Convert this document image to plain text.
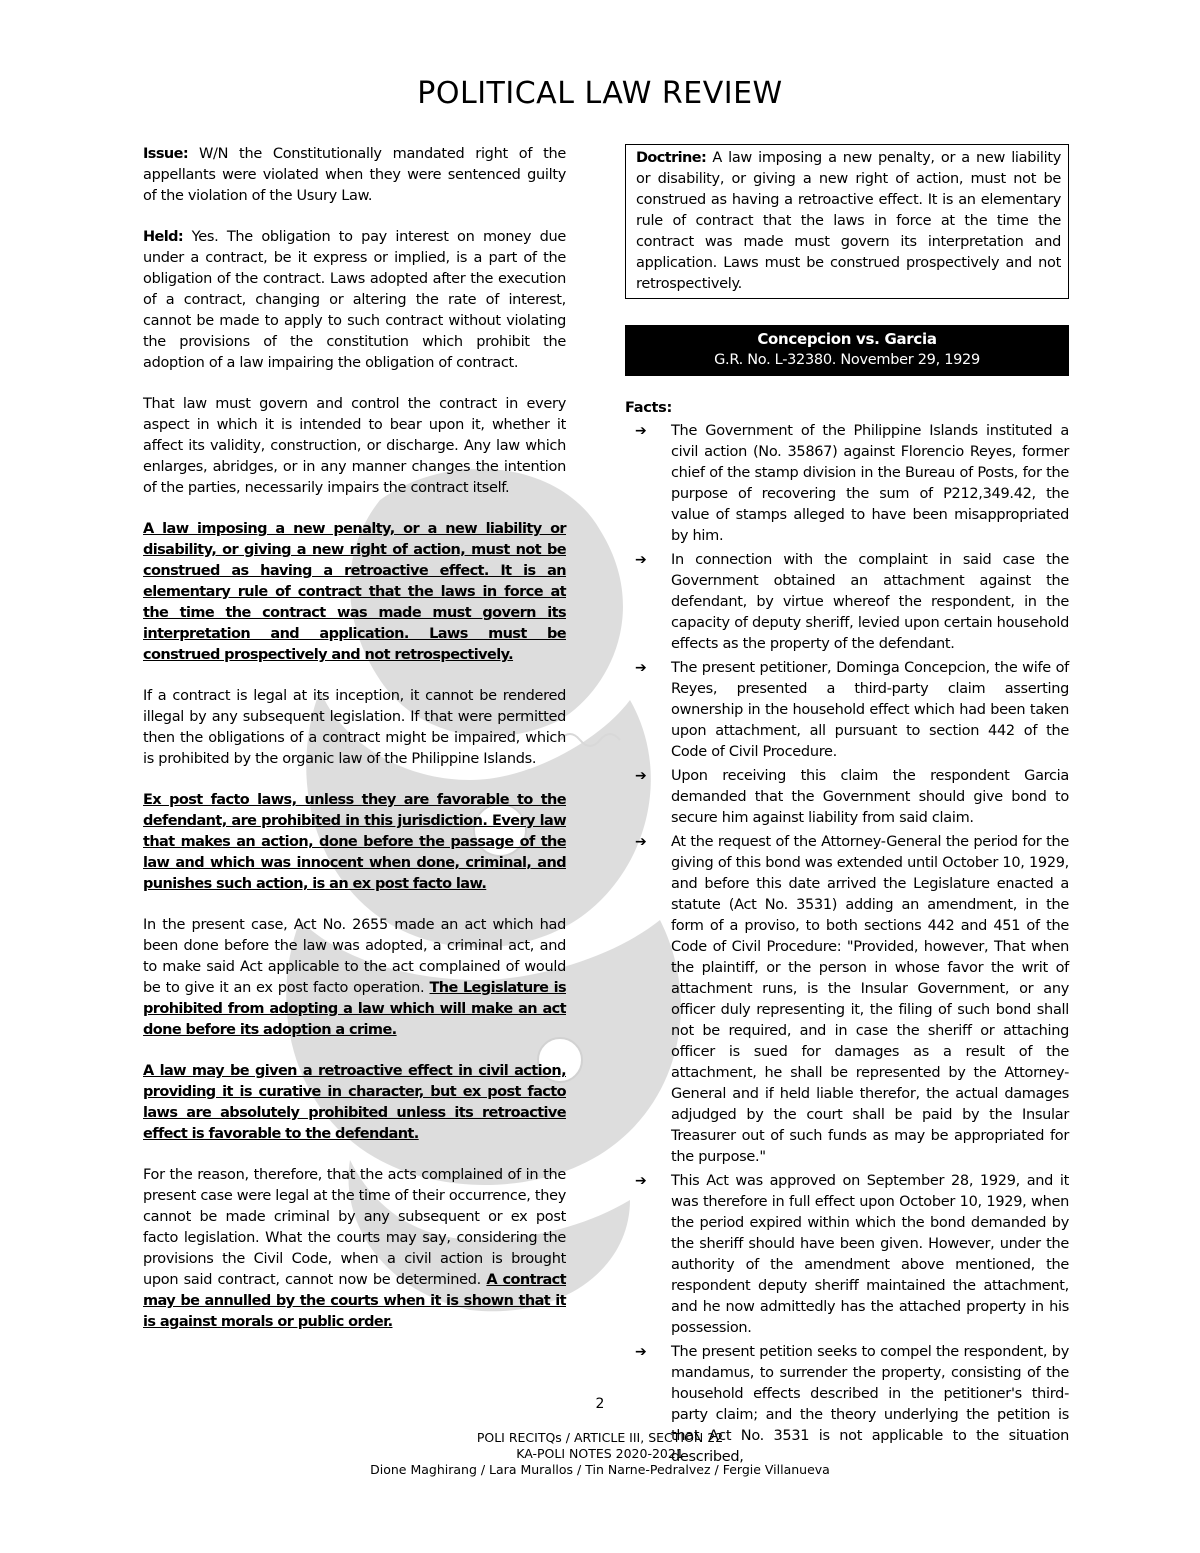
POLITICAL LAW REVIEW

Issue: W/N the Constitutionally mandated right of the appellants were violated when they were sentenced guilty of the violation of the Usury Law.

Held: Yes. The obligation to pay interest on money due under a contract, be it express or implied, is a part of the obligation of the contract. Laws adopted after the execution of a contract, changing or altering the rate of interest, cannot be made to apply to such contract without violating the provisions of the constitution which prohibit the adoption of a law impairing the obligation of contract.

That law must govern and control the contract in every aspect in which it is intended to bear upon it, whether it affect its validity, construction, or discharge. Any law which enlarges, abridges, or in any manner changes the intention of the parties, necessarily impairs the contract itself.

A law imposing a new penalty, or a new liability or disability, or giving a new right of action, must not be construed as having a retroactive effect. It is an elementary rule of contract that the laws in force at the time the contract was made must govern its interpretation and application. Laws must be construed prospectively and not retrospectively.

If a contract is legal at its inception, it cannot be rendered illegal by any subsequent legislation. If that were permitted then the obligations of a contract might be impaired, which is prohibited by the organic law of the Philippine Islands.

Ex post facto laws, unless they are favorable to the defendant, are prohibited in this jurisdiction. Every law that makes an action, done before the passage of the law and which was innocent when done, criminal, and punishes such action, is an ex post facto law.

In the present case, Act No. 2655 made an act which had been done before the law was adopted, a criminal act, and to make said Act applicable to the act complained of would be to give it an ex post facto operation. The Legislature is prohibited from adopting a law which will make an act done before its adoption a crime.

A law may be given a retroactive effect in civil action, providing it is curative in character, but ex post facto laws are absolutely prohibited unless its retroactive effect is favorable to the defendant.

For the reason, therefore, that the acts complained of in the present case were legal at the time of their occurrence, they cannot be made criminal by any subsequent or ex post facto legislation. What the courts may say, considering the provisions the Civil Code, when a civil action is brought upon said contract, cannot now be determined. A contract may be annulled by the courts when it is shown that it is against morals or public order.

Doctrine: A law imposing a new penalty, or a new liability or disability, or giving a new right of action, must not be construed as having a retroactive effect. It is an elementary rule of contract that the laws in force at the time the contract was made must govern its interpretation and application. Laws must be construed prospectively and not retrospectively.
Concepcion vs. Garcia
G.R. No. L-32380. November 29, 1929
Facts:
➔ The Government of the Philippine Islands instituted a civil action (No. 35867) against Florencio Reyes, former chief of the stamp division in the Bureau of Posts, for the purpose of recovering the sum of P212,349.42, the value of stamps alleged to have been misappropriated by him.
➔ In connection with the complaint in said case the Government obtained an attachment against the defendant, by virtue whereof the respondent, in the capacity of deputy sheriff, levied upon certain household effects as the property of the defendant.
➔ The present petitioner, Dominga Concepcion, the wife of Reyes, presented a third-party claim asserting ownership in the household effect which had been taken upon attachment, all pursuant to section 442 of the Code of Civil Procedure.
➔ Upon receiving this claim the respondent Garcia demanded that the Government should give bond to secure him against liability from said claim.
➔ At the request of the Attorney-General the period for the giving of this bond was extended until October 10, 1929, and before this date arrived the Legislature enacted a statute (Act No. 3531) adding an amendment, in the form of a proviso, to both sections 442 and 451 of the Code of Civil Procedure: "Provided, however, That when the plaintiff, or the person in whose favor the writ of attachment runs, is the Insular Government, or any officer duly representing it, the filing of such bond shall not be required, and in case the sheriff or attaching officer is sued for damages as a result of the attachment, he shall be represented by the Attorney-General and if held liable therefor, the actual damages adjudged by the court shall be paid by the Insular Treasurer out of such funds as may be appropriated for the purpose."
➔ This Act was approved on September 28, 1929, and it was therefore in full effect upon October 10, 1929, when the period expired within which the bond demanded by the sheriff should have been given. However, under the authority of the amendment above mentioned, the respondent deputy sheriff maintained the attachment, and he now admittedly has the attached property in his possession.
➔ The present petition seeks to compel the respondent, by mandamus, to surrender the property, consisting of the household effects described in the petitioner's third-party claim; and the theory underlying the petition is that Act No. 3531 is not applicable to the situation described,
2
POLI RECITQs / ARTICLE III, SECTION 22
KA-POLI NOTES 2020-2021
Dione Maghirang / Lara Murallos / Tin Narne-Pedralvez / Fergie Villanueva
